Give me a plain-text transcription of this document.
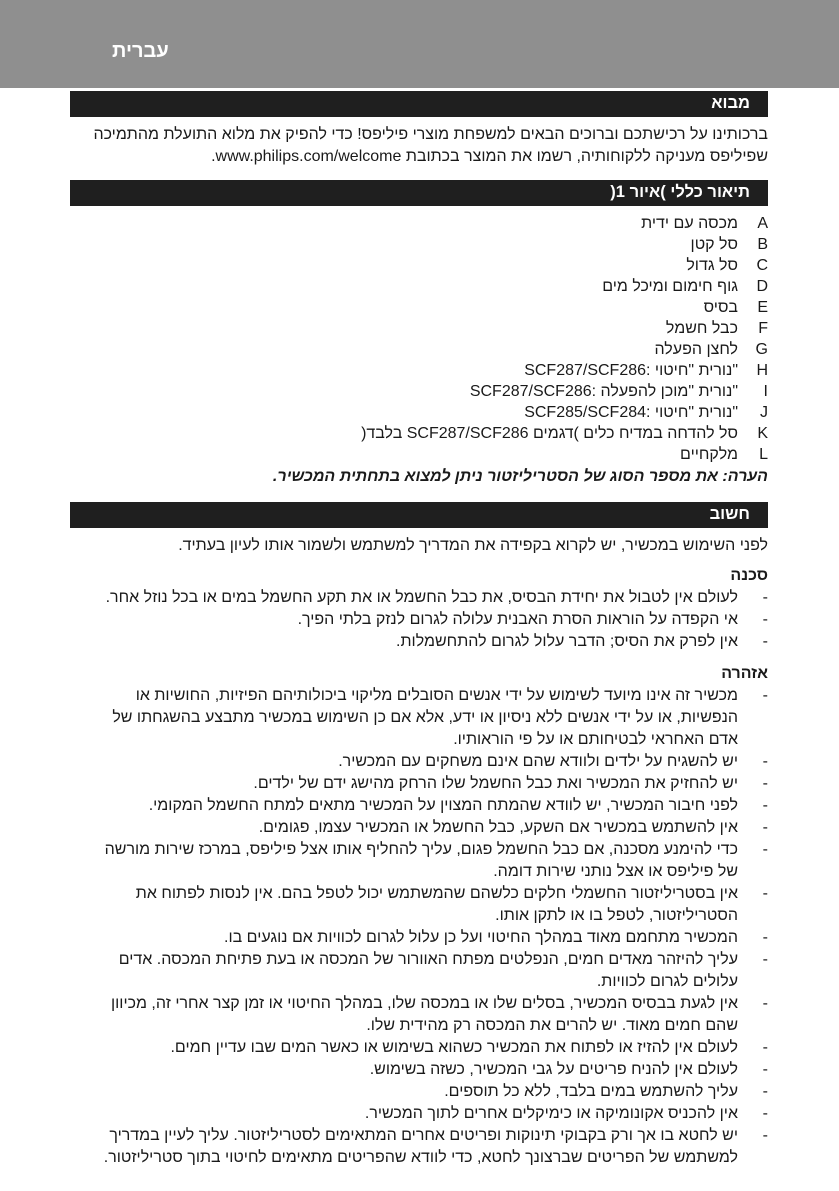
עברית
מבוא

ברכותינו על רכישתכם וברוכים הבאים למשפחת מוצרי פיליפס! כדי להפיק את מלוא התועלת מהתמיכה

שפיליפס מעניקה ללקוחותיה, רשמו את המוצר בכתובת www.philips.com/welcome.

תיאור כללי )איור 1(
A
מכסה עם ידית
B
סל קטן
C
סל גדול
D
גוף חימום ומיכל מים
E
בסיס
F
כבל חשמל
G
לחצן הפעלה
H
SCF287/SCF286: נורית "חיטוי"
I
SCF287/SCF286: נורית "מוכן להפעלה"
J
SCF285/SCF284: נורית "חיטוי"
K
סל להדחה במדיח כלים )דגמים SCF287/SCF286 בלבד(
L
מלקחיים

הערה: את מספר הסוג של הסטריליזטור ניתן למצוא בתחתית המכשיר.

חשוב

לפני השימוש במכשיר, יש לקרוא בקפידה את המדריך למשתמש ולשמור אותו לעיון בעתיד.

סכנה

-
לעולם אין לטבול את יחידת הבסיס, את כבל החשמל או את תקע החשמל במים או בכל נוזל אחר.
-
אי הקפדה על הוראות הסרת האבנית עלולה לגרום לנזק בלתי הפיך.
-
אין לפרק את הסיס; הדבר עלול לגרום להתחשמלות.

אזהרה

-
מכשיר זה אינו מיועד לשימוש על ידי אנשים הסובלים מליקוי ביכולותיהם הפיזיות, החושיות או
הנפשיות, או על ידי אנשים ללא ניסיון או ידע, אלא אם כן השימוש במכשיר מתבצע בהשגחתו של
אדם האחראי לבטיחותם או על פי הוראותיו.
-
יש להשגיח על ילדים ולוודא שהם אינם משחקים עם המכשיר.
-
יש להחזיק את המכשיר ואת כבל החשמל שלו הרחק מהישג ידם של ילדים.
-
לפני חיבור המכשיר, יש לוודא שהמתח המצוין על המכשיר מתאים למתח החשמל המקומי.
-
אין להשתמש במכשיר אם השקע, כבל החשמל או המכשיר עצמו, פגומים.
-
כדי להימנע מסכנה, אם כבל החשמל פגום, עליך להחליף אותו אצל פיליפס, במרכז שירות מורשה
של פיליפס או אצל נותני שירות דומה.
-
אין בסטריליזטור החשמלי חלקים כלשהם שהמשתמש יכול לטפל בהם. אין לנסות לפתוח את
הסטריליזטור, לטפל בו או לתקן אותו.
-
המכשיר מתחמם מאוד במהלך החיטוי ועל כן עלול לגרום לכוויות אם נוגעים בו.
-
עליך להיזהר מאדים חמים, הנפלטים מפתח האוורור של המכסה או בעת פתיחת המכסה. אדים
עלולים לגרום לכוויות.
-
אין לגעת בבסיס המכשיר, בסלים שלו או במכסה שלו, במהלך החיטוי או זמן קצר אחרי זה, מכיוון
שהם חמים מאוד. יש להרים את המכסה רק מהידית שלו.
-
לעולם אין להזיז או לפתוח את המכשיר כשהוא בשימוש או כאשר המים שבו עדיין חמים.
-
לעולם אין להניח פריטים על גבי המכשיר, כשזה בשימוש.
-
עליך להשתמש במים בלבד, ללא כל תוספים.
-
אין להכניס אקונומיקה או כימיקלים אחרים לתוך המכשיר.
-
יש לחטא בו אך ורק בקבוקי תינוקות ופריטים אחרים המתאימים לסטריליזטור. עליך לעיין במדריך
למשתמש של הפריטים שברצונך לחטא, כדי לוודא שהפריטים מתאימים לחיטוי בתוך סטריליזטור.
